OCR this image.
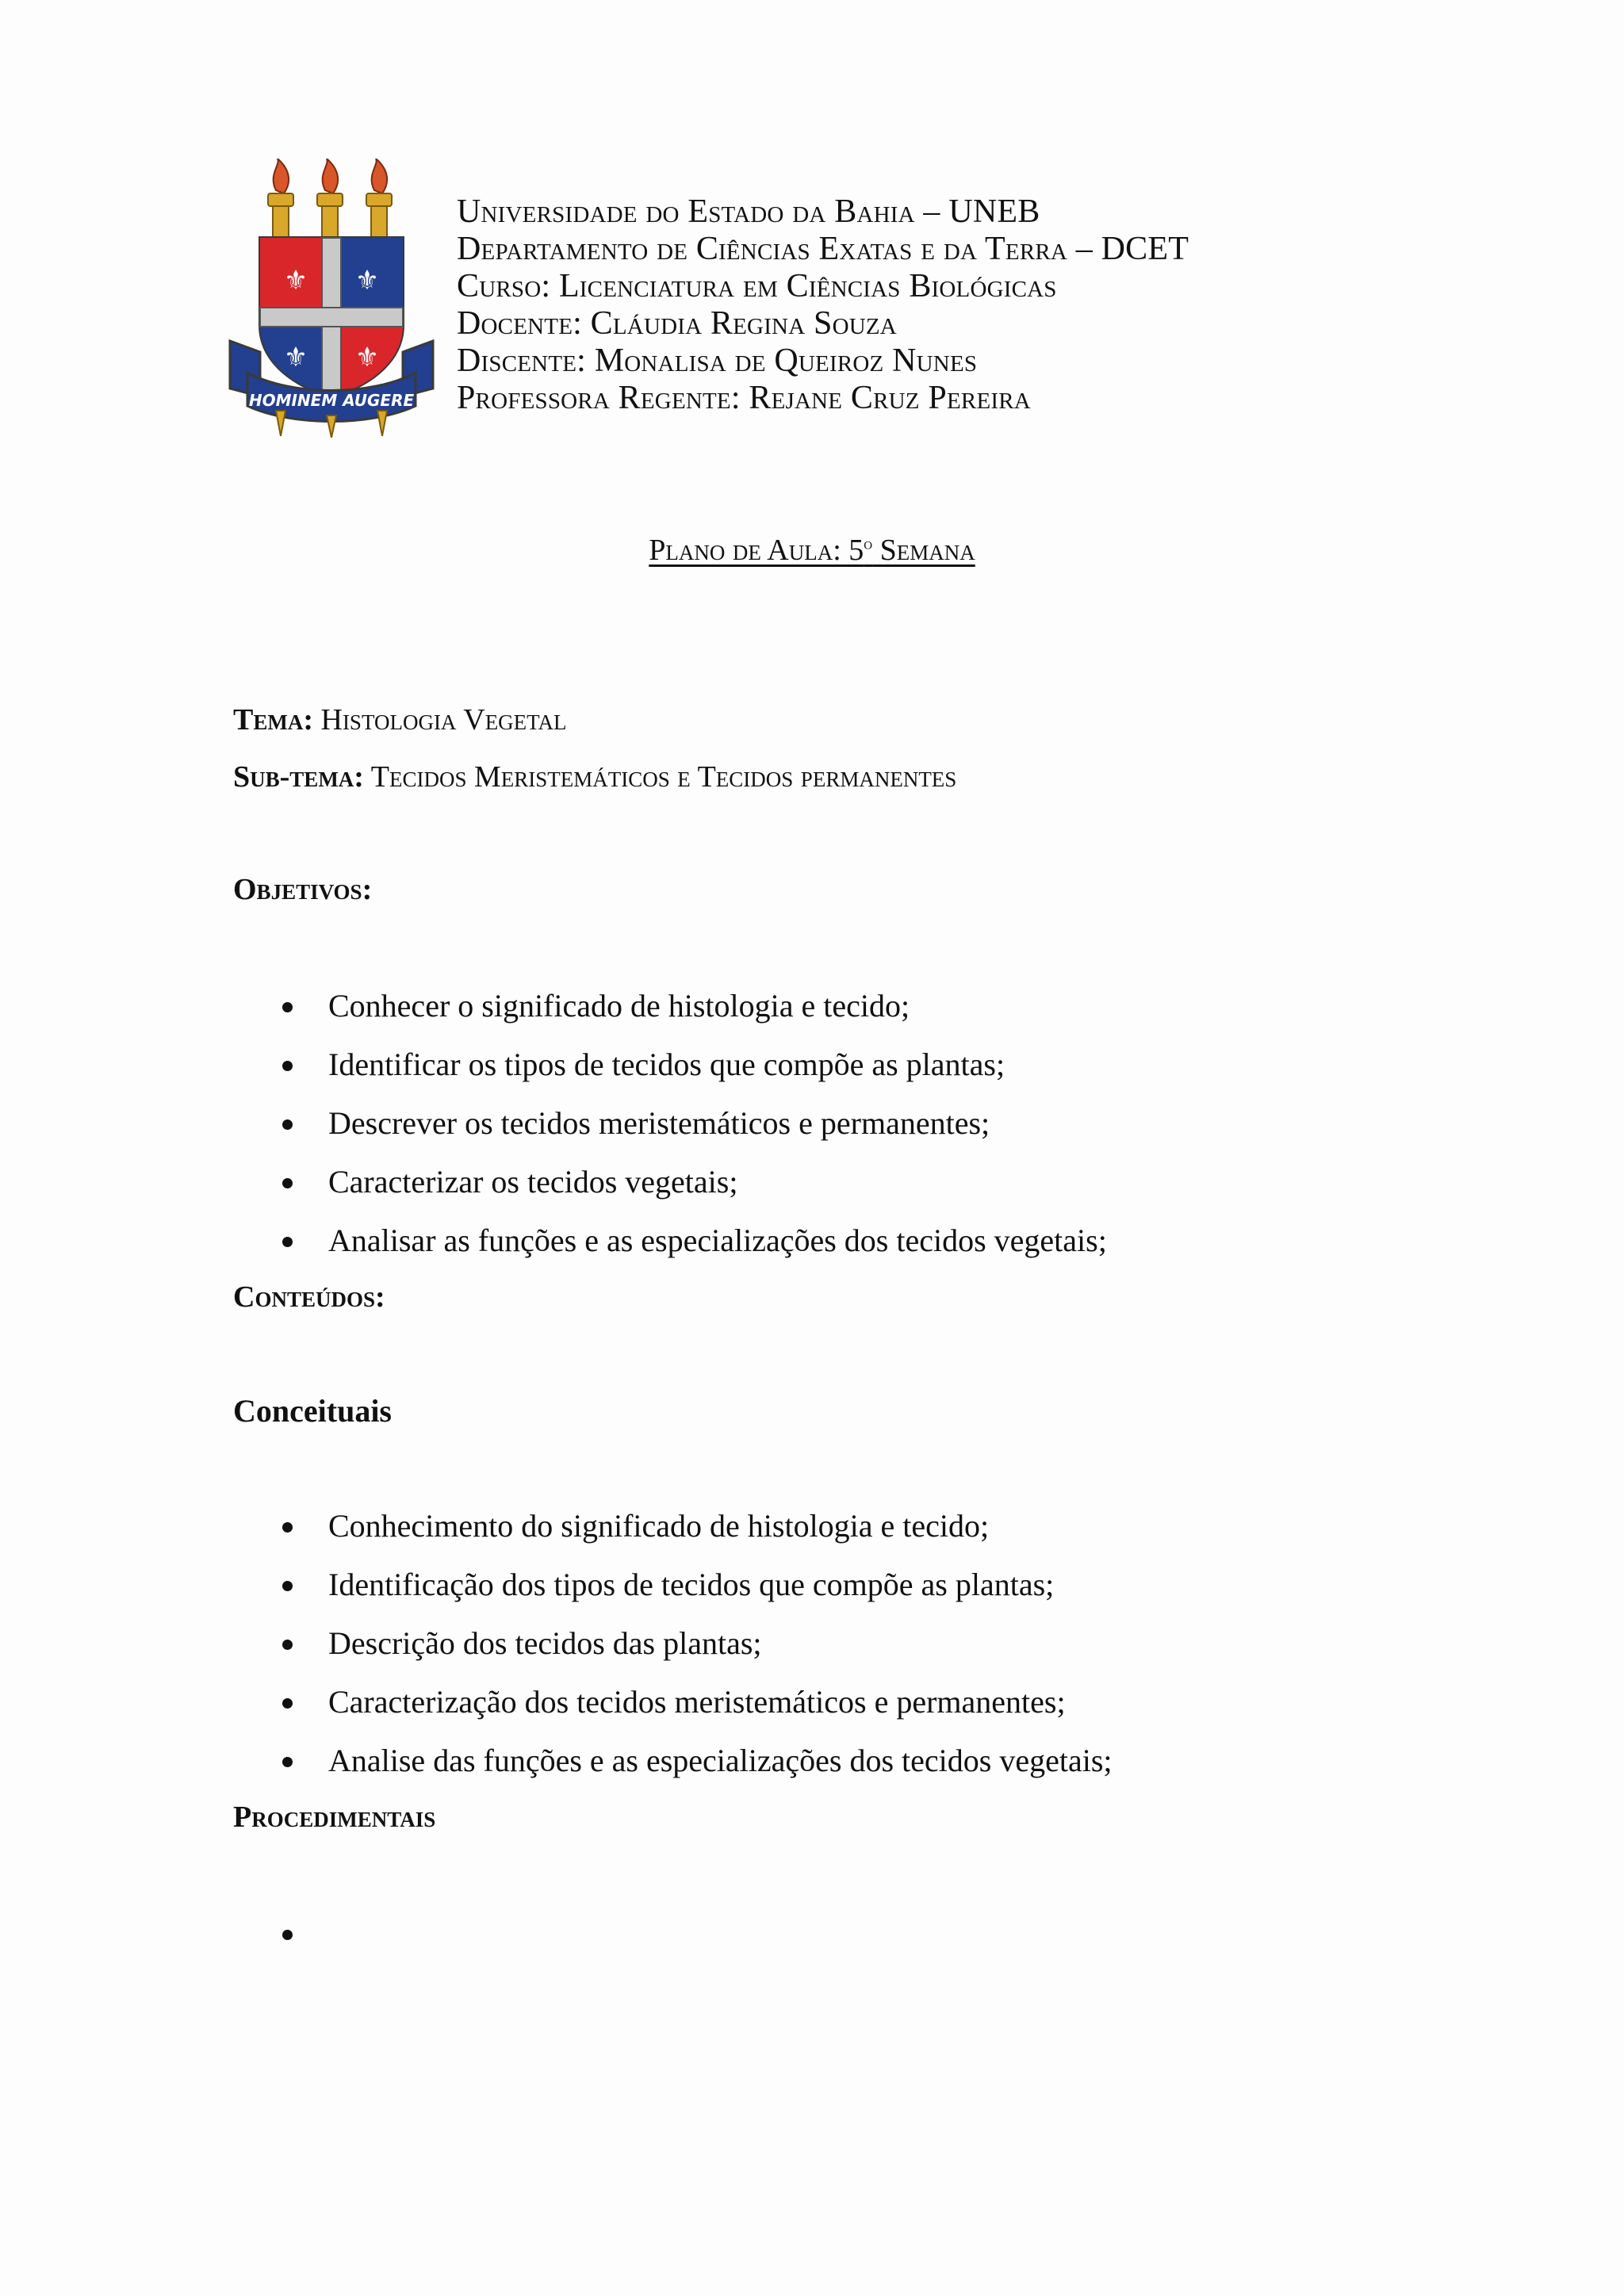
⚜ ⚜
⚜ ⚜
HOMINEM AUGERE
Universidade do Estado da Bahia – UNEB
Departamento de Ciências Exatas e da Terra – DCET
Curso: Licenciatura em Ciências Biológicas
Docente: Cláudia Regina Souza
Discente: Monalisa de Queiroz Nunes
Professora Regente: Rejane Cruz Pereira
Plano de Aula: 5$^o$ Semana
Tema: Histologia Vegetal
Sub-tema: Tecidos Meristemáticos e Tecidos permanentes
Objetivos:
Conhecer o significado de histologia e tecido;
Identificar os tipos de tecidos que compõe as plantas;
Descrever os tecidos meristemáticos e permanentes;
Caracterizar os tecidos vegetais;
Analisar as funções e as especializações dos tecidos vegetais;
Conteúdos:
Conceituais
Conhecimento do significado de histologia e tecido;
Identificação dos tipos de tecidos que compõe as plantas;
Descrição dos tecidos das plantas;
Caracterização dos tecidos meristemáticos e permanentes;
Analise das funções e as especializações dos tecidos vegetais;
Procedimentais
